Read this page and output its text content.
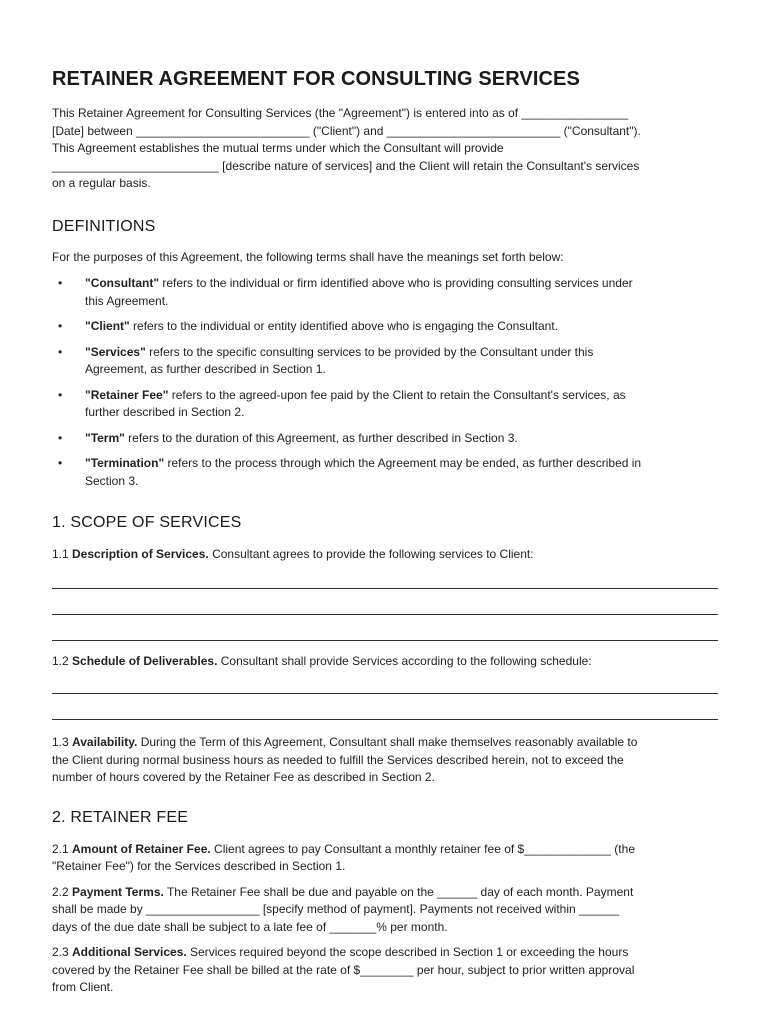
RETAINER AGREEMENT FOR CONSULTING SERVICES

This Retainer Agreement for Consulting Services (the "Agreement") is entered into as of ________________

[Date] between __________________________ ("Client") and __________________________ ("Consultant").

This Agreement establishes the mutual terms under which the Consultant will provide

_________________________ [describe nature of services] and the Client will retain the Consultant's services

on a regular basis.

DEFINITIONS

For the purposes of this Agreement, the following terms shall have the meanings set forth below:

• "Consultant" refers to the individual or firm identified above who is providing consulting services under
this Agreement.
• "Client" refers to the individual or entity identified above who is engaging the Consultant.
• "Services" refers to the specific consulting services to be provided by the Consultant under this
Agreement, as further described in Section 1.
• "Retainer Fee" refers to the agreed-upon fee paid by the Client to retain the Consultant's services, as
further described in Section 2.
• "Term" refers to the duration of this Agreement, as further described in Section 3.
• "Termination" refers to the process through which the Agreement may be ended, as further described in
Section 3.
1. SCOPE OF SERVICES

1.1 Description of Services. Consultant agrees to provide the following services to Client:

1.2 Schedule of Deliverables. Consultant shall provide Services according to the following schedule:

1.3 Availability. During the Term of this Agreement, Consultant shall make themselves reasonably available to

the Client during normal business hours as needed to fulfill the Services described herein, not to exceed the

number of hours covered by the Retainer Fee as described in Section 2.

2. RETAINER FEE

2.1 Amount of Retainer Fee. Client agrees to pay Consultant a monthly retainer fee of $_____________ (the

"Retainer Fee") for the Services described in Section 1.

2.2 Payment Terms. The Retainer Fee shall be due and payable on the ______ day of each month. Payment

shall be made by _________________ [specify method of payment]. Payments not received within ______

days of the due date shall be subject to a late fee of _______% per month.

2.3 Additional Services. Services required beyond the scope described in Section 1 or exceeding the hours

covered by the Retainer Fee shall be billed at the rate of $________ per hour, subject to prior written approval

from Client.
